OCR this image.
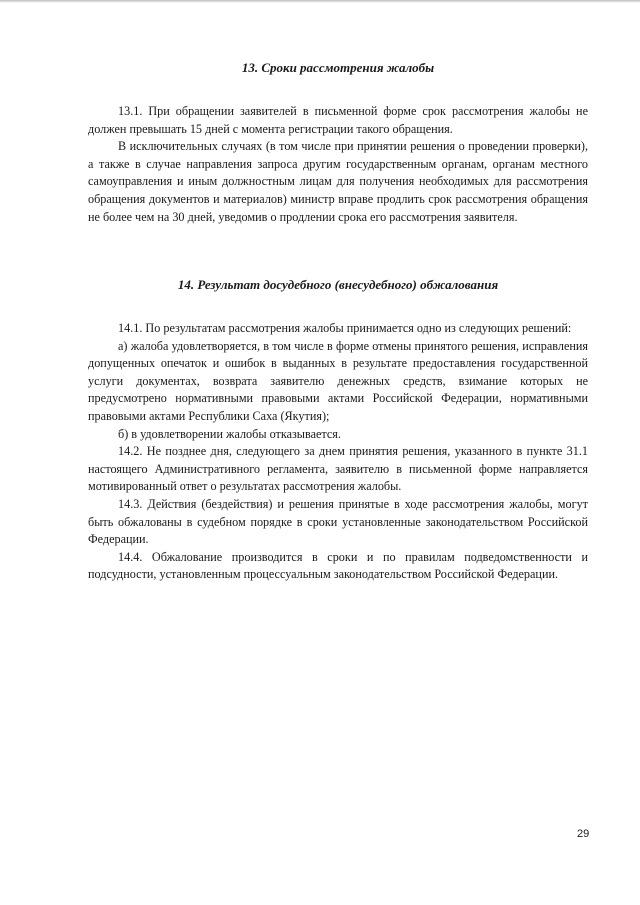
13. Сроки рассмотрения жалобы

13.1. При обращении заявителей в письменной форме срок рассмотрения жалобы не должен превышать 15 дней с момента регистрации такого обращения.

В исключительных случаях (в том числе при принятии решения о проведении проверки), а также в случае направления запроса другим государственным органам, органам местного самоуправления и иным должностным лицам для получения необходимых для рассмотрения обращения документов и материалов) министр вправе продлить срок рассмотрения обращения не более чем на 30 дней, уведомив о продлении срока его рассмотрения заявителя.

14. Результат досудебного (внесудебного) обжалования

14.1. По результатам рассмотрения жалобы принимается одно из следующих решений:

а) жалоба удовлетворяется, в том числе в форме отмены принятого решения, исправления допущенных опечаток и ошибок в выданных в результате предоставления государственной услуги документах, возврата заявителю денежных средств, взимание которых не предусмотрено нормативными правовыми актами Российской Федерации, нормативными правовыми актами Республики Саха (Якутия);

б) в удовлетворении жалобы отказывается.

14.2. Не позднее дня, следующего за днем принятия решения, указанного в пункте 31.1 настоящего Административного регламента, заявителю в письменной форме направляется мотивированный ответ о результатах рассмотрения жалобы.

14.3. Действия (бездействия) и решения принятые в ходе рассмотрения жалобы, могут быть обжалованы в судебном порядке в сроки установленные законодательством Российской Федерации.

14.4. Обжалование производится в сроки и по правилам подведомственности и подсудности, установленным процессуальным законодательством Российской Федерации.

29
